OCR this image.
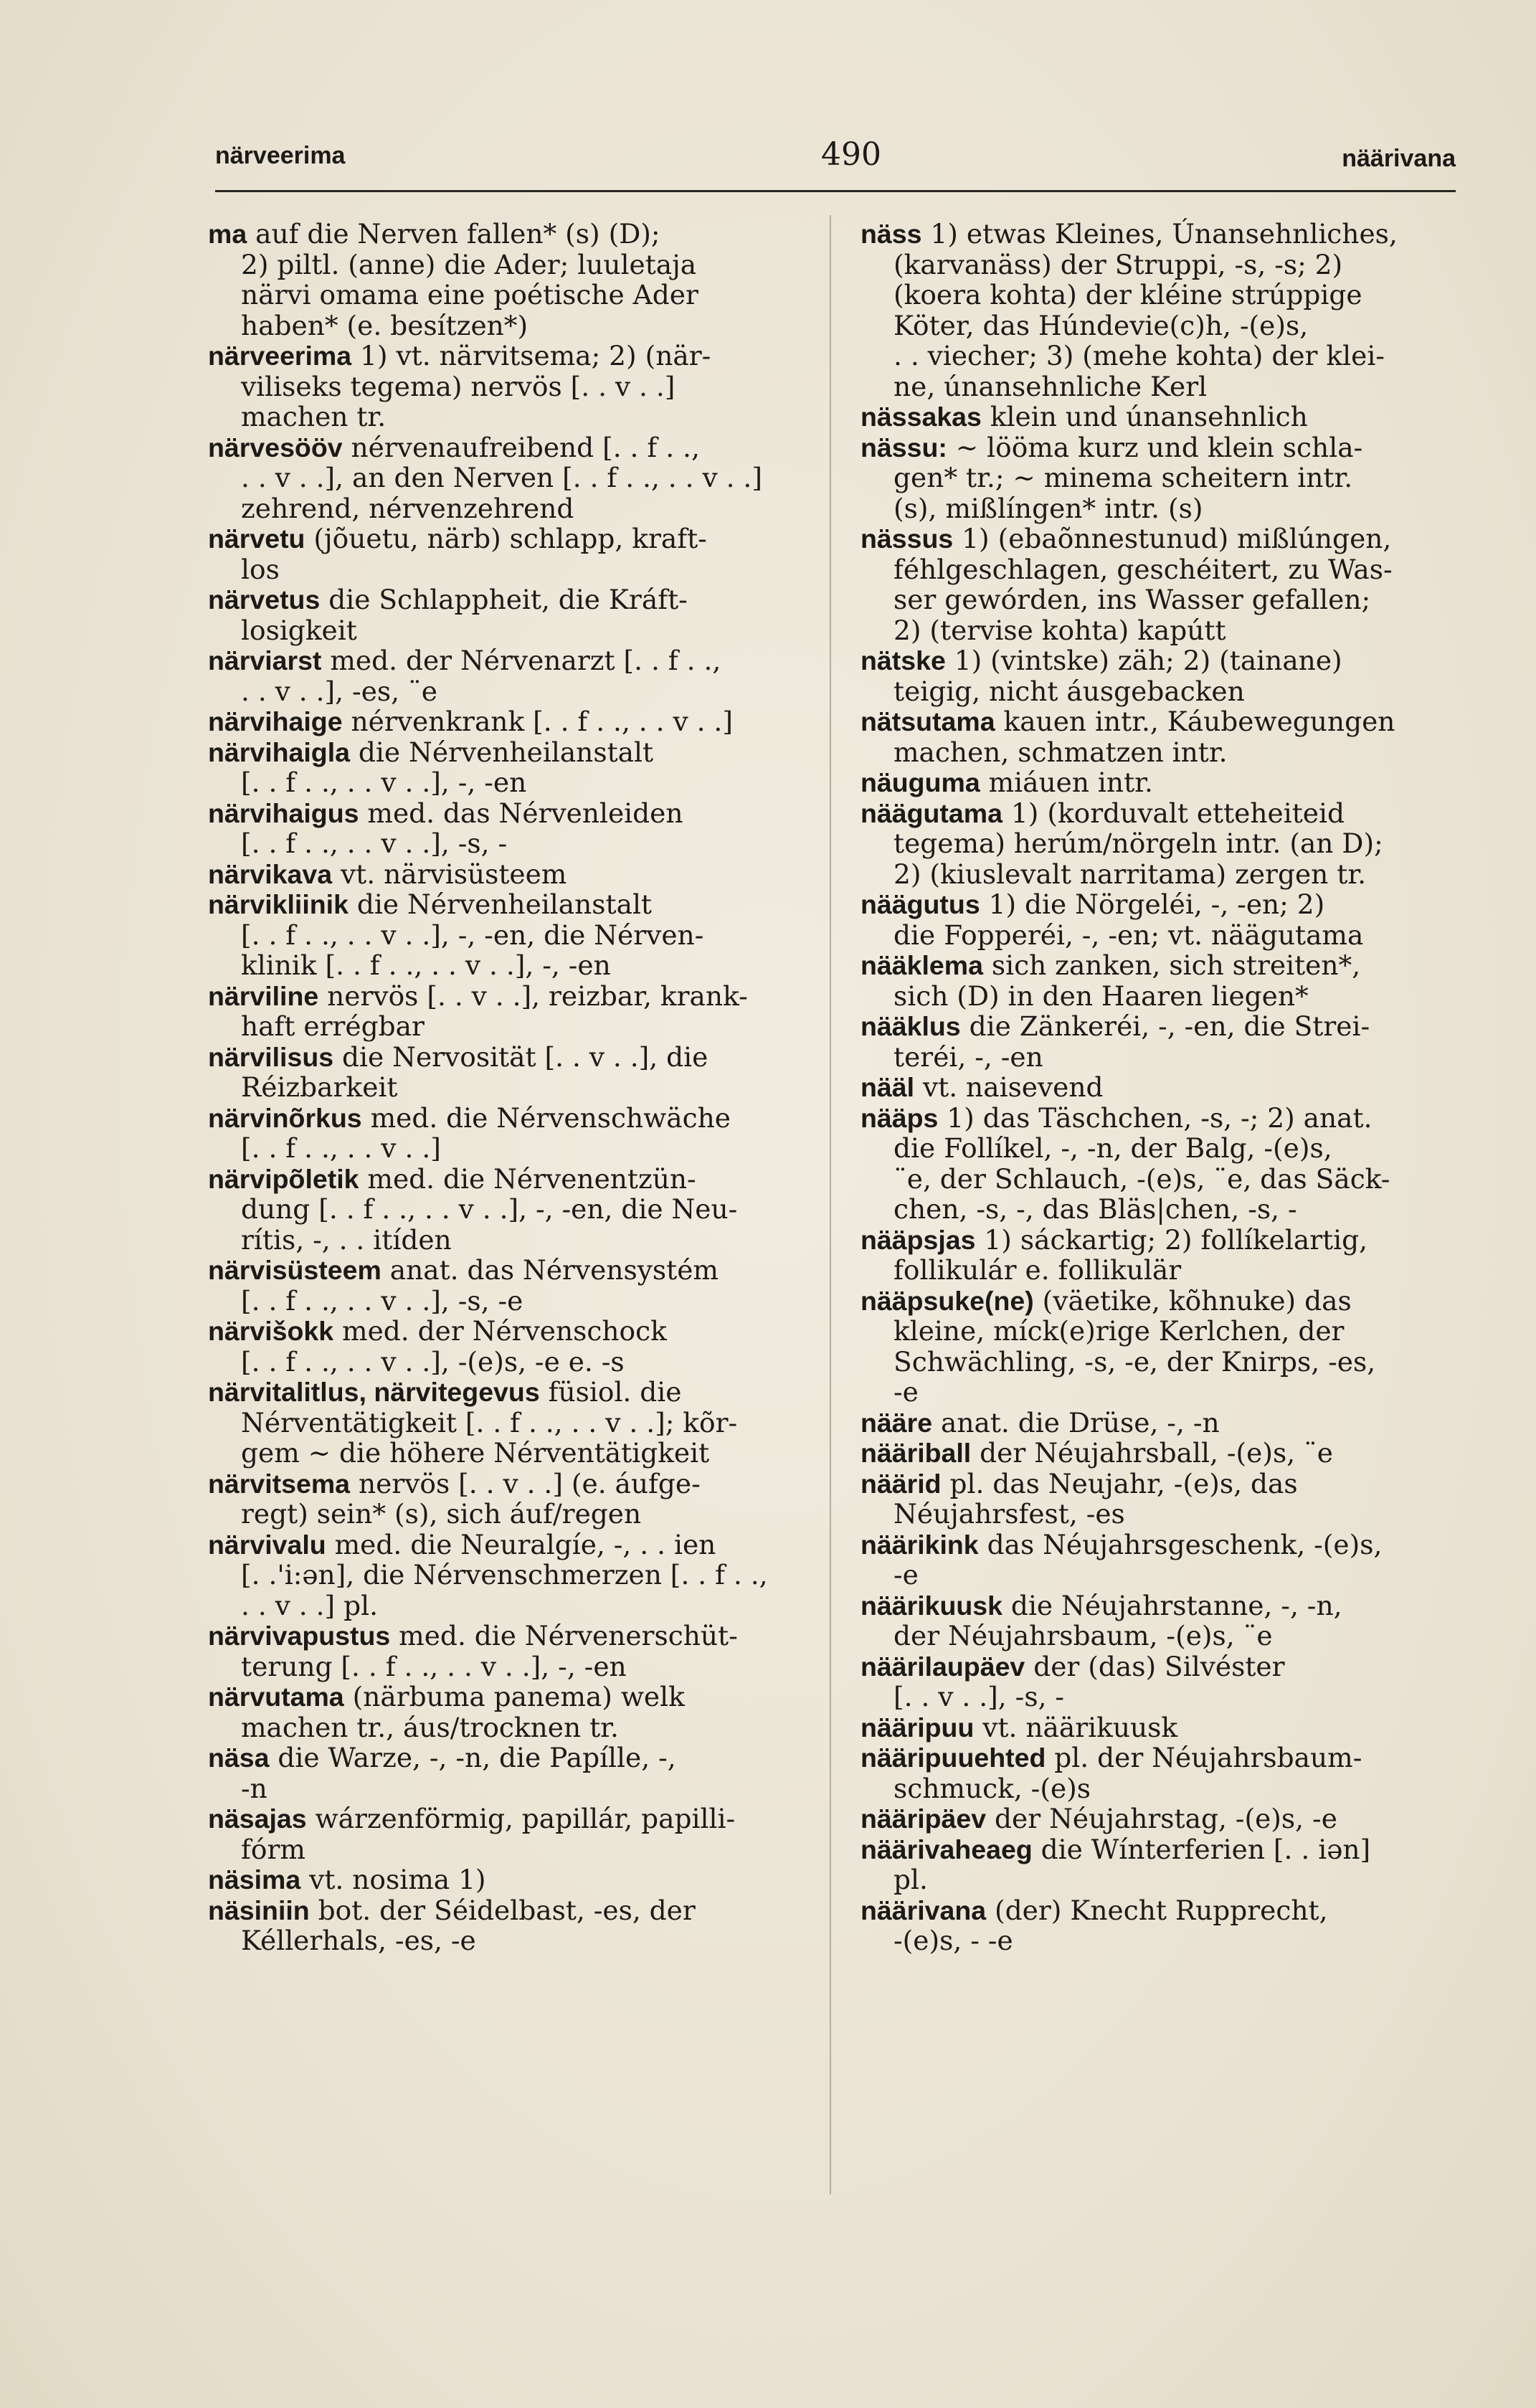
närveerima	490	näärivana
ma auf die Nerven fallen* (s) (D);
2) piltl. (anne) die Ader; luuletaja
närvi omama eine poétische Ader
haben* (e. besítzen*)
närveerima 1) vt. närvitsema; 2) (när-
viliseks tegema) nervös [. . v . .]
machen tr.
närvesööv nérvenaufreibend [. . f . .,
. . v . .], an den Nerven [. . f . ., . . v . .]
zehrend, nérvenzehrend
närvetu (jõuetu, närb) schlapp, kraft-
los
närvetus die Schlappheit, die Kráft-
losigkeit
närviarst med. der Nérvenarzt [. . f . .,
. . v . .], -es, ¨e
närvihaige nérvenkrank [. . f . ., . . v . .]
närvihaigla die Nérvenheilanstalt
[. . f . ., . . v . .], -, -en
närvihaigus med. das Nérvenleiden
[. . f . ., . . v . .], -s, -
närvikava vt. närvisüsteem
närvikliinik die Nérvenheilanstalt
[. . f . ., . . v . .], -, -en, die Nérven-
klinik [. . f . ., . . v . .], -, -en
närviline nervös [. . v . .], reizbar, krank-
haft errégbar
närvilisus die Nervosität [. . v . .], die
Réizbarkeit
närvinõrkus med. die Nérvenschwäche
[. . f . ., . . v . .]
närvipõletik med. die Nérvenentzün-
dung [. . f . ., . . v . .], -, -en, die Neu-
rítis, -, . . itíden
närvisüsteem anat. das Nérvensystém
[. . f . ., . . v . .], -s, -e
närvišokk med. der Nérvenschock
[. . f . ., . . v . .], -(e)s, -e e. -s
närvitalitlus, närvitegevus füsiol. die
Nérventätigkeit [. . f . ., . . v . .]; kõr-
gem ~ die höhere Nérventätigkeit
närvitsema nervös [. . v . .] (e. áufge-
regt) sein* (s), sich áuf/regen
närvivalu med. die Neuralgíe, -, . . ien
[. .'i:ən], die Nérvenschmerzen [. . f . .,
. . v . .] pl.
närvivapustus med. die Nérvenerschüt-
terung [. . f . ., . . v . .], -, -en
närvutama (närbuma panema) welk
machen tr., áus/trocknen tr.
näsa die Warze, -, -n, die Papílle, -,
-n
näsajas wárzenförmig, papillár, papilli-
fórm
näsima vt. nosima 1)
näsiniin bot. der Séidelbast, -es, der
Kéllerhals, -es, -e
näss 1) etwas Kleines, Únansehnliches,
(karvanäss) der Struppi, -s, -s; 2)
(koera kohta) der kléine strúppige
Köter, das Húndevie(c)h, -(e)s,
. . viecher; 3) (mehe kohta) der klei-
ne, únansehnliche Kerl
nässakas klein und únansehnlich
nässu: ~ lööma kurz und klein schla-
gen* tr.; ~ minema scheitern intr.
(s), mißlíngen* intr. (s)
nässus 1) (ebaõnnestunud) mißlúngen,
féhlgeschlagen, geschéitert, zu Was-
ser gewórden, ins Wasser gefallen;
2) (tervise kohta) kapútt
nätske 1) (vintske) zäh; 2) (tainane)
teigig, nicht áusgebacken
nätsutama kauen intr., Káubewegungen
machen, schmatzen intr.
näuguma miáuen intr.
näägutama 1) (korduvalt etteheiteid
tegema) herúm/nörgeln intr. (an D);
2) (kiuslevalt narritama) zergen tr.
näägutus 1) die Nörgeléi, -, -en; 2)
die Fopperéi, -, -en; vt. näägutama
nääklema sich zanken, sich streiten*,
sich (D) in den Haaren liegen*
nääklus die Zänkeréi, -, -en, die Strei-
teréi, -, -en
nääl vt. naisevend
nääps 1) das Täschchen, -s, -; 2) anat.
die Follíkel, -, -n, der Balg, -(e)s,
¨e, der Schlauch, -(e)s, ¨e, das Säck-
chen, -s, -, das Bläs|chen, -s, -
nääpsjas 1) sáckartig; 2) follíkelartig,
follikulár e. follikulär
nääpsuke(ne) (väetike, kõhnuke) das
kleine, míck(e)rige Kerlchen, der
Schwächling, -s, -e, der Knirps, -es,
-e
nääre anat. die Drüse, -, -n
nääriball der Néujahrsball, -(e)s, ¨e
näärid pl. das Neujahr, -(e)s, das
Néujahrsfest, -es
näärikink das Néujahrsgeschenk, -(e)s,
-e
näärikuusk die Néujahrstanne, -, -n,
der Néujahrsbaum, -(e)s, ¨e
näärilaupäev der (das) Silvéster
[. . v . .], -s, -
nääripuu vt. näärikuusk
nääripuuehted pl. der Néujahrsbaum-
schmuck, -(e)s
nääripäev der Néujahrstag, -(e)s, -e
näärivaheaeg die Wínterferien [. . iən]
pl.
näärivana (der) Knecht Rupprecht,
-(e)s, - -e
